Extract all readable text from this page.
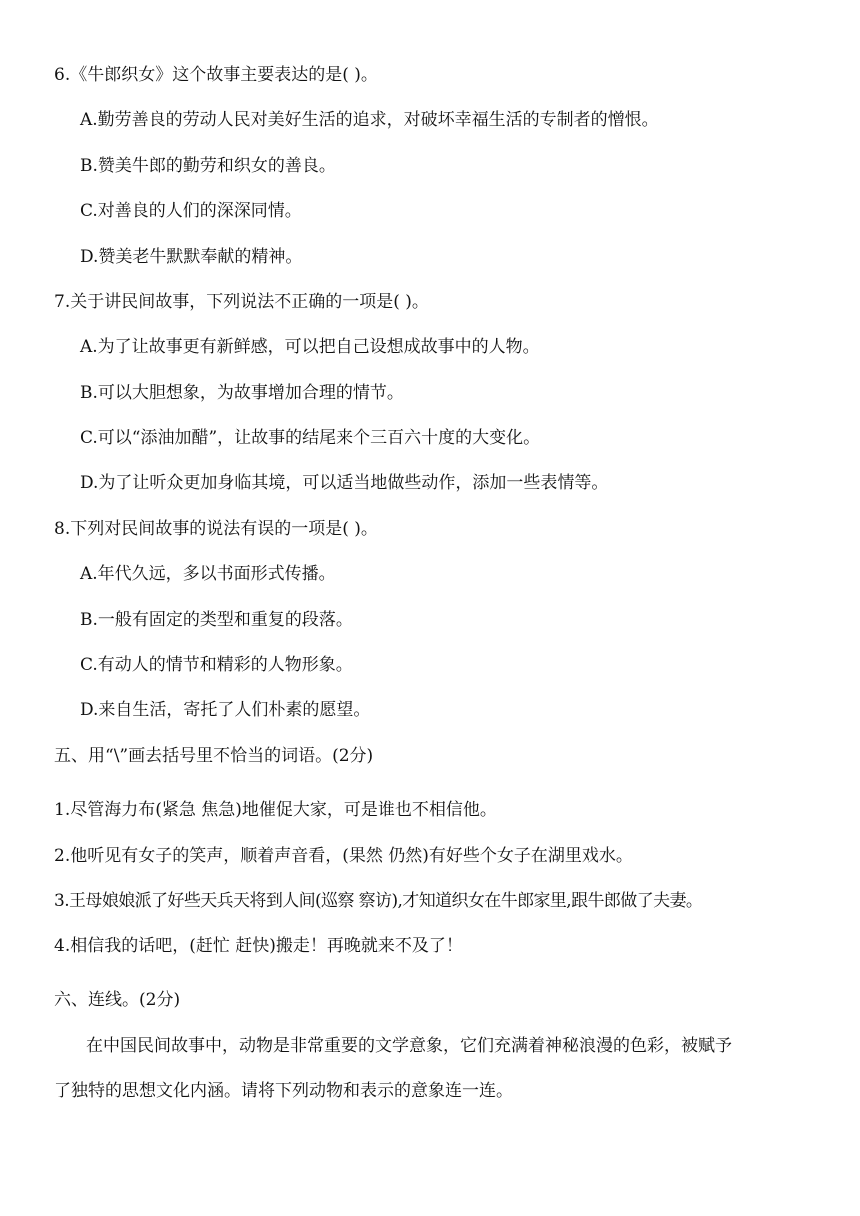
6.《牛郎织女》这个故事主要表达的是( )。
A.勤劳善良的劳动人民对美好生活的追求，对破坏幸福生活的专制者的憎恨。
B.赞美牛郎的勤劳和织女的善良。
C.对善良的人们的深深同情。
D.赞美老牛默默奉献的精神。
7.关于讲民间故事，下列说法不正确的一项是( )。
A.为了让故事更有新鲜感，可以把自己设想成故事中的人物。
B.可以大胆想象，为故事增加合理的情节。
C.可以“添油加醋”，让故事的结尾来个三百六十度的大变化。
D.为了让听众更加身临其境，可以适当地做些动作，添加一些表情等。
8.下列对民间故事的说法有误的一项是( )。
A.年代久远，多以书面形式传播。
B.一般有固定的类型和重复的段落。
C.有动人的情节和精彩的人物形象。
D.来自生活，寄托了人们朴素的愿望。
五、用“\”画去括号里不恰当的词语。(2分)
1.尽管海力布(紧急 焦急)地催促大家，可是谁也不相信他。
2.他听见有女子的笑声，顺着声音看，(果然 仍然)有好些个女子在湖里戏水。
3.王母娘娘派了好些天兵天将到人间(巡察 察访),才知道织女在牛郎家里,跟牛郎做了夫妻。
4.相信我的话吧，(赶忙 赶快)搬走！再晚就来不及了！
六、连线。(2分)
在中国民间故事中，动物是非常重要的文学意象，它们充满着神秘浪漫的色彩，被赋予
了独特的思想文化内涵。请将下列动物和表示的意象连一连。
